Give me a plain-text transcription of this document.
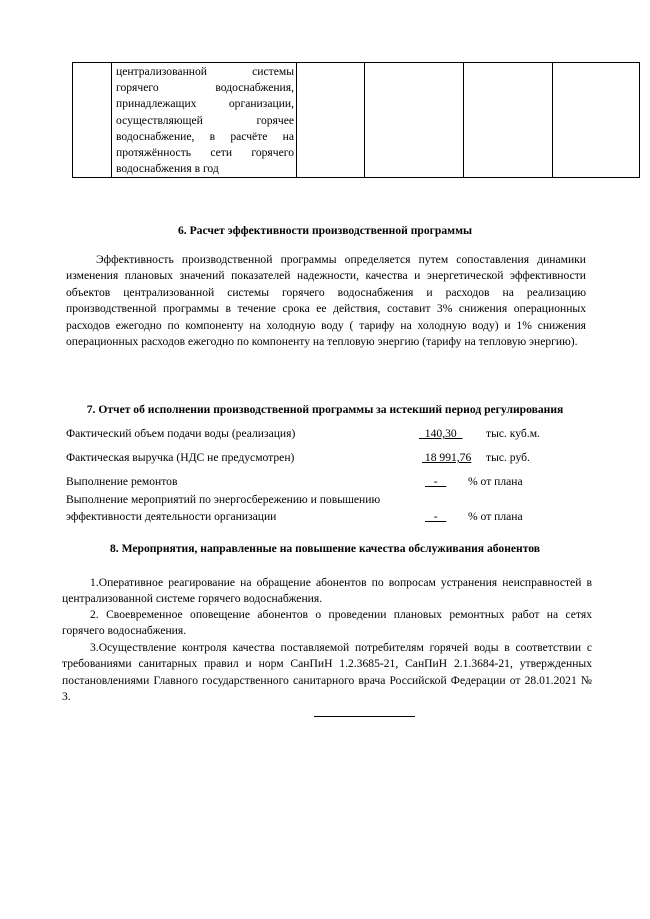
централизованной системы горячего водоснабжения, принадлежащих организации, осуществляющей горячее водоснабжение, в расчёте на протяжённость сети горячего водоснабжения в год

6. Расчет эффективности производственной программы
Эффективность производственной программы определяется путем сопоставления динамики изменения плановых значений показателей надежности, качества и энергетической эффективности объектов централизованной системы горячего водоснабжения и расходов на реализацию производственной программы в течение срока ее действия, составит 3% снижения операционных расходов ежегодно по компоненту на холодную воду ( тарифу на холодную воду) и 1% снижения операционных расходов ежегодно по компоненту на тепловую энергию (тарифу на тепловую энергию).
7. Отчет об исполнении производственной программы за истекший период регулирования
Фактический объем подачи воды (реализация)	140,30 тыс. куб.м.
Фактическая выручка (НДС не предусмотрен)	18 991,76 тыс. руб.
Выполнение ремонтов	- % от плана
Выполнение мероприятий по энергосбережению и повышению
эффективности деятельности организации	- % от плана
8. Мероприятия, направленные на повышение качества обслуживания абонентов
1.Оперативное реагирование на обращение абонентов по вопросам устранения неисправностей в централизованной системе горячего водоснабжения.
2. Своевременное оповещение абонентов о проведении плановых ремонтных работ на сетях горячего водоснабжения.
3.Осуществление контроля качества поставляемой потребителям горячей воды в соответствии с требованиями санитарных правил и норм СанПиН 1.2.3685-21, СанПиН 2.1.3684-21, утвержденных постановлениями Главного государственного санитарного врача Российской Федерации от 28.01.2021 № 3.
